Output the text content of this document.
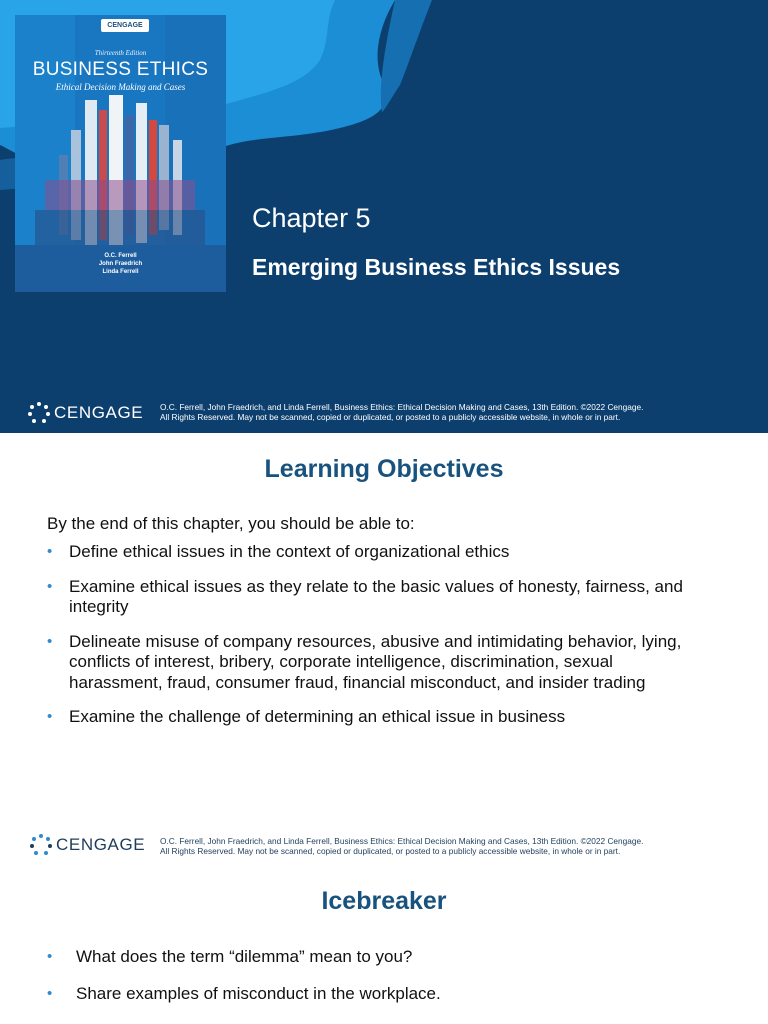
CENGAGE
Thirteenth Edition
BUSINESS ETHICS
Ethical Decision Making and Cases
O.C. Ferrell
John Fraedrich
Linda Ferrell
Chapter 5
Emerging Business Ethics Issues
CENGAGE O.C. Ferrell, John Fraedrich, and Linda Ferrell, Business Ethics: Ethical Decision Making and Cases, 13th Edition. ©2022 Cengage.
All Rights Reserved. May not be scanned, copied or duplicated, or posted to a publicly accessible website, in whole or in part.
Learning Objectives
By the end of this chapter, you should be able to:
• Define ethical issues in the context of organizational ethics
• Examine ethical issues as they relate to the basic values of honesty, fairness, and integrity
• Delineate misuse of company resources, abusive and intimidating behavior, lying, conflicts of interest, bribery, corporate intelligence, discrimination, sexual harassment, fraud, consumer fraud, financial misconduct, and insider trading
• Examine the challenge of determining an ethical issue in business
CENGAGE O.C. Ferrell, John Fraedrich, and Linda Ferrell, Business Ethics: Ethical Decision Making and Cases, 13th Edition. ©2022 Cengage.
All Rights Reserved. May not be scanned, copied or duplicated, or posted to a publicly accessible website, in whole or in part.
Icebreaker
• What does the term “dilemma” mean to you?
• Share examples of misconduct in the workplace.
